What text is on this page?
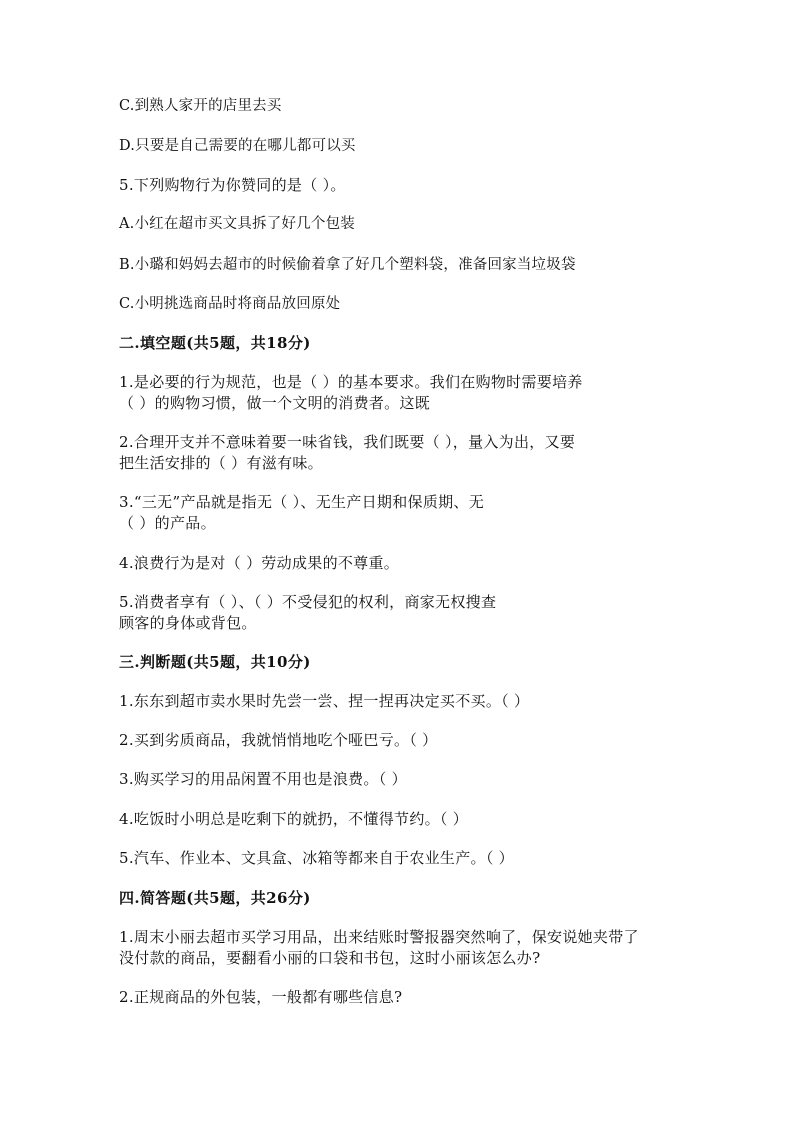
C.到熟人家开的店里去买
D.只要是自己需要的在哪儿都可以买
5.下列购物行为你赞同的是（ ）。
A.小红在超市买文具拆了好几个包装
B.小璐和妈妈去超市的时候偷着拿了好几个塑料袋，准备回家当垃圾袋
C.小明挑选商品时将商品放回原处
二.填空题(共5题，共18分)
1.是必要的行为规范，也是（ ）的基本要求。我们在购物时需要培养
（ ）的购物习惯，做一个文明的消费者。这既
2.合理开支并不意味着要一味省钱，我们既要（ ），量入为出，又要
把生活安排的（ ）有滋有味。
3.“三无”产品就是指无（ ）、无生产日期和保质期、无
（ ）的产品。
4.浪费行为是对（ ）劳动成果的不尊重。
5.消费者享有（ ）、（ ）不受侵犯的权利，商家无权搜查
顾客的身体或背包。
三.判断题(共5题，共10分)
1.东东到超市卖水果时先尝一尝、捏一捏再决定买不买。（ ）
2.买到劣质商品，我就悄悄地吃个哑巴亏。（ ）
3.购买学习的用品闲置不用也是浪费。（ ）
4.吃饭时小明总是吃剩下的就扔，不懂得节约。（ ）
5.汽车、作业本、文具盒、冰箱等都来自于农业生产。（ ）
四.简答题(共5题，共26分)
1.周末小丽去超市买学习用品，出来结账时警报器突然响了，保安说她夹带了
没付款的商品，要翻看小丽的口袋和书包，这时小丽该怎么办?
2.正规商品的外包装，一般都有哪些信息?
